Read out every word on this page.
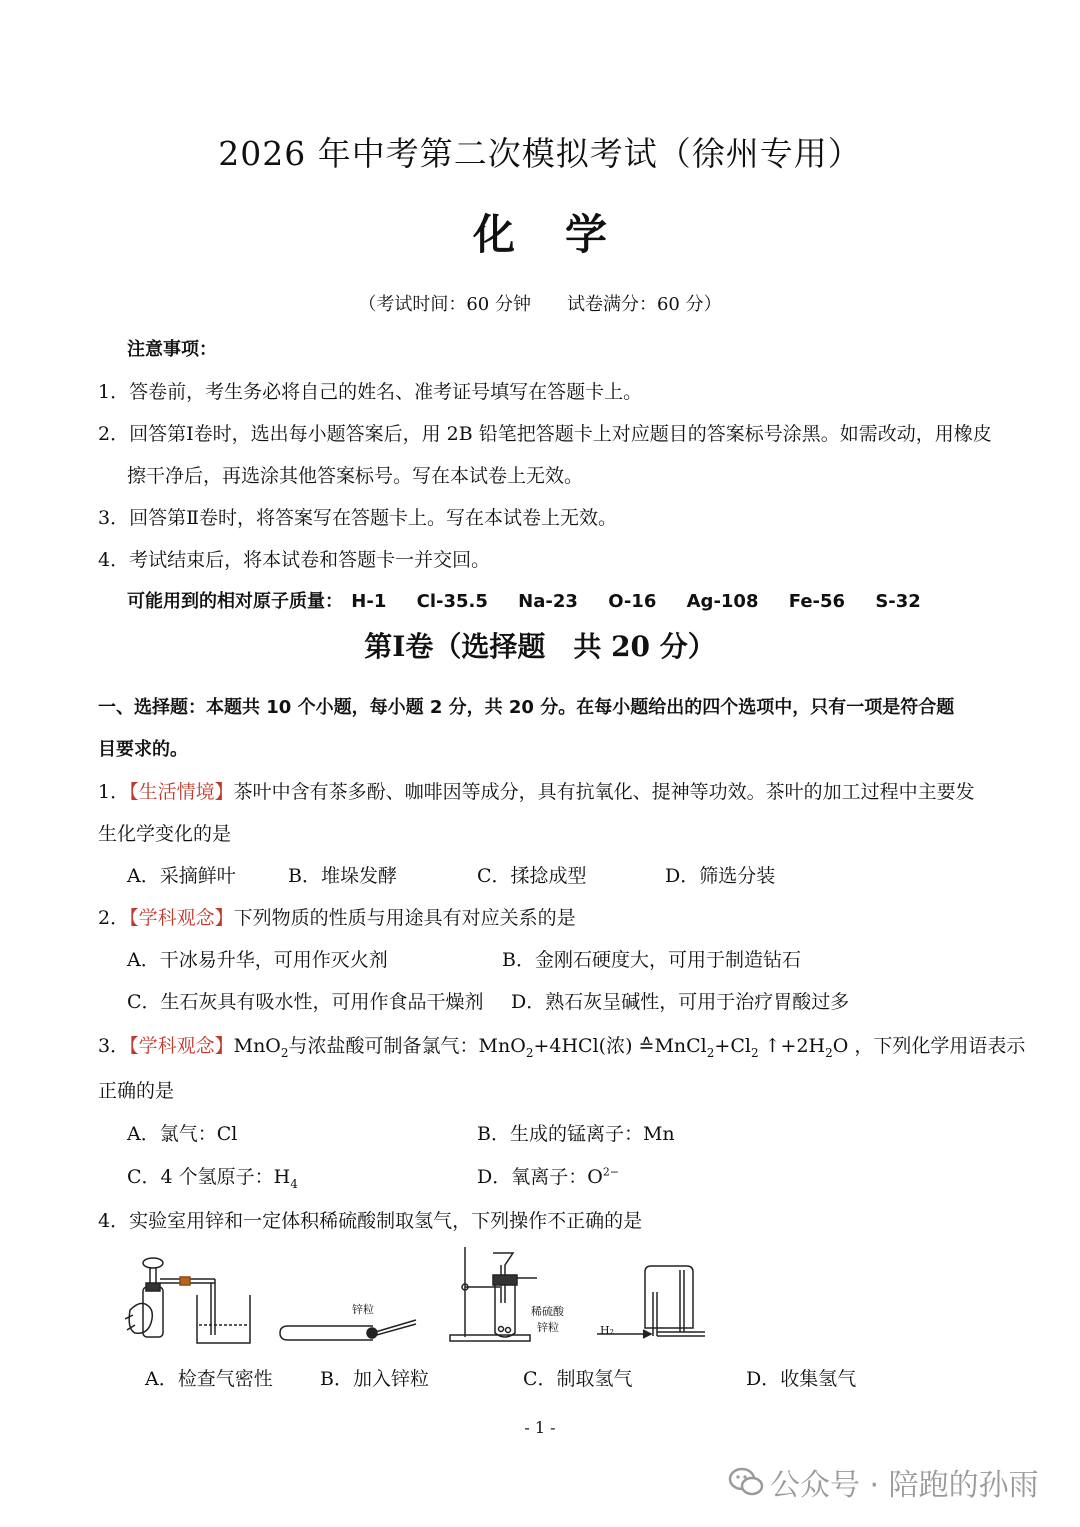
2026 年中考第二次模拟考试（徐州专用）
化学
（考试时间：60 分钟　　试卷满分：60 分）
注意事项：
1．答卷前，考生务必将自己的姓名、准考证号填写在答题卡上。
2．回答第Ⅰ卷时，选出每小题答案后，用 2B 铅笔把答题卡上对应题目的答案标号涂黑。如需改动，用橡皮
擦干净后，再选涂其他答案标号。写在本试卷上无效。
3．回答第Ⅱ卷时，将答案写在答题卡上。写在本试卷上无效。
4．考试结束后，将本试卷和答题卡一并交回。
可能用到的相对原子质量： H-1 Cl-35.5 Na-23 O-16 Ag-108 Fe-56 S-32
第Ⅰ卷（选择题　共 20 分）
一、选择题：本题共 10 个小题，每小题 2 分，共 20 分。在每小题给出的四个选项中，只有一项是符合题
目要求的。
1．【生活情境】茶叶中含有茶多酚、咖啡因等成分，具有抗氧化、提神等功效。茶叶的加工过程中主要发
生化学变化的是
A．采摘鲜叶	B．堆垛发酵	C．揉捻成型	D．筛选分装
2．【学科观念】下列物质的性质与用途具有对应关系的是
A．干冰易升华，可用作灭火剂	B．金刚石硬度大，可用于制造钻石
C．生石灰具有吸水性，可用作食品干燥剂 D．熟石灰呈碱性，可用于治疗胃酸过多
3．【学科观念】MnO$_2$与浓盐酸可制备氯气：MnO$_2$+4HCl(浓) $≙MnCl_2+Cl_2$ $↑+2H_2O$ ，下列化学用语表示
正确的是
A．氯气：Cl	B．生成的锰离子：Mn
C．4 个氢原子：$H_4$	D．氧离子：$O^{2-}$
4．实验室用锌和一定体积稀硫酸制取氢气，下列操作不正确的是
锌粒	稀硫酸
锌粒	H₂
A．检查气密性 B．加入锌粒	C．制取氢气	D．收集氢气
- 1 -
公众号 · 陪跑的孙雨
